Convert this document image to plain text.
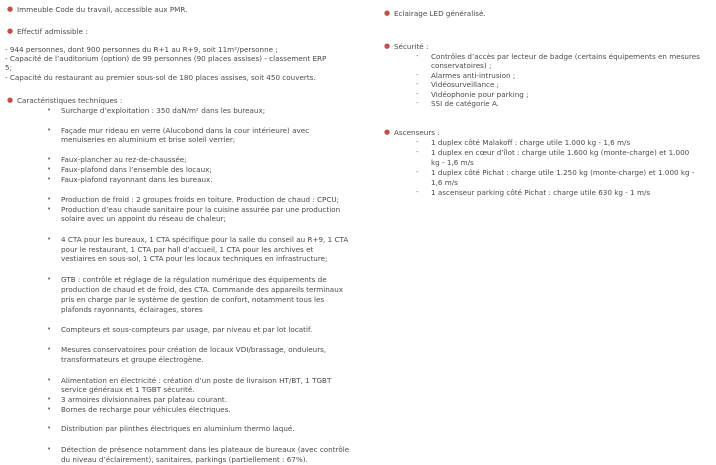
● Immeuble Code du travail, accessible aux PMR.
● Effectif admissible :
- 944 personnes, dont 900 personnes du R+1 au R+9, soit 11m²/personne ;
- Capacité de l’auditorium (option) de 99 personnes (90 places assises) - classement ERP
5;
- Capacité du restaurant au premier sous-sol de 180 places assises, soit 450 couverts.
● Caractéristiques techniques :
• Surcharge d’exploitation : 350 daN/m² dans les bureaux;
• Façade mur rideau en verre (Alucobond dans la cour intérieure) avec
menuiseries en aluminium et brise soleil verrier;
• Faux-plancher au rez-de-chaussée;
• Faux-plafond dans l’ensemble des locaux;
• Faux-plafond rayonnant dans les bureaux.
• Production de froid : 2 groupes froids en toiture. Production de chaud : CPCU;
• Production d’eau chaude sanitaire pour la cuisine assurée par une production
solaire avec un appoint du réseau de chaleur;
• 4 CTA pour les bureaux, 1 CTA spécifique pour la salle du conseil au R+9, 1 CTA
pour le restaurant, 1 CTA par hall d’accueil, 1 CTA pour les archives et
vestiaires en sous-sol, 1 CTA pour les locaux techniques en infrastructure;
• GTB : contrôle et réglage de la régulation numérique des équipements de
production de chaud et de froid, des CTA. Commande des appareils terminaux
pris en charge par le système de gestion de confort, notamment tous les
plafonds rayonnants, éclairages, stores
• Compteurs et sous-compteurs par usage, par niveau et par lot locatif.
• Mesures conservatoires pour création de locaux VDI/brassage, onduleurs,
transformateurs et groupe électrogène.
• Alimentation en électricité : création d’un poste de livraison HT/BT, 1 TGBT
service généraux et 1 TGBT sécurité.
• 3 armoires divisionnaires par plateau courant.
• Bornes de recharge pour véhicules électriques.
• Distribution par plinthes électriques en aluminium thermo laqué.
• Détection de présence notamment dans les plateaux de bureaux (avec contrôle
du niveau d’éclairement), sanitaires, parkings (partiellement : 67%).
● Eclairage LED généralisé.
● Sécurité :
- Contrôles d’accès par lecteur de badge (certains équipements en mesures
conservatoires) ;
- Alarmes anti-intrusion ;
- Vidéosurveillance ;
- Vidéophonie pour parking ;
- SSI de catégorie A.
● Ascenseurs :
- 1 duplex côté Malakoff : charge utile 1.000 kg - 1,6 m/s
- 1 duplex en cœur d’îlot : charge utile 1.600 kg (monte-charge) et 1.000
kg - 1,6 m/s
- 1 duplex côté Pichat : charge utile 1.250 kg (monte-charge) et 1.000 kg -
1,6 m/s
- 1 ascenseur parking côté Pichat : charge utile 630 kg - 1 m/s
